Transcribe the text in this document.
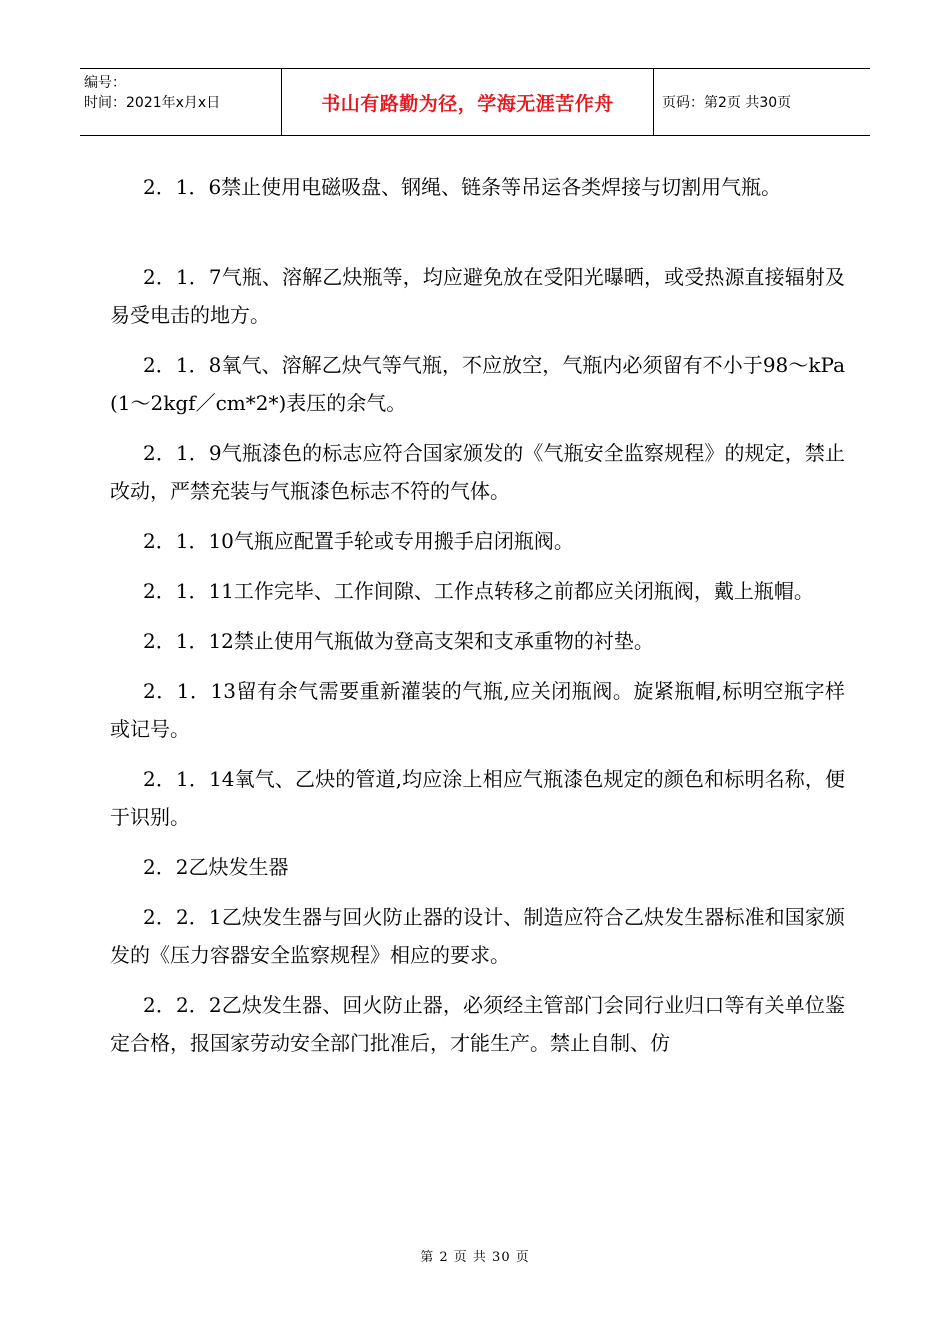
编号：
时间：2021年x月x日	书山有路勤为径，学海无涯苦作舟	页码：第2页 共30页

2．1．6禁止使用电磁吸盘、钢绳、链条等吊运各类焊接与切割用气瓶。

2．1．7气瓶、溶解乙炔瓶等，均应避免放在受阳光曝晒，或受热源直接辐射及易受电击的地方。

2．1．8氧气、溶解乙炔气等气瓶，不应放空，气瓶内必须留有不小于98～kPa(1～2kgf／cm*2*)表压的余气。

2．1．9气瓶漆色的标志应符合国家颁发的《气瓶安全监察规程》的规定，禁止改动，严禁充装与气瓶漆色标志不符的气体。

2．1．10气瓶应配置手轮或专用搬手启闭瓶阀。

2．1．11工作完毕、工作间隙、工作点转移之前都应关闭瓶阀，戴上瓶帽。

2．1．12禁止使用气瓶做为登高支架和支承重物的衬垫。

2．1．13留有余气需要重新灌装的气瓶,应关闭瓶阀。旋紧瓶帽,标明空瓶字样或记号。

2．1．14氧气、乙炔的管道,均应涂上相应气瓶漆色规定的颜色和标明名称，便于识别。

2．2乙炔发生器

2．2．1乙炔发生器与回火防止器的设计、制造应符合乙炔发生器标准和国家颁发的《压力容器安全监察规程》相应的要求。

2．2．2乙炔发生器、回火防止器，必须经主管部门会同行业归口等有关单位鉴定合格，报国家劳动安全部门批准后，才能生产。禁止自制、仿

第 2 页 共 30 页
